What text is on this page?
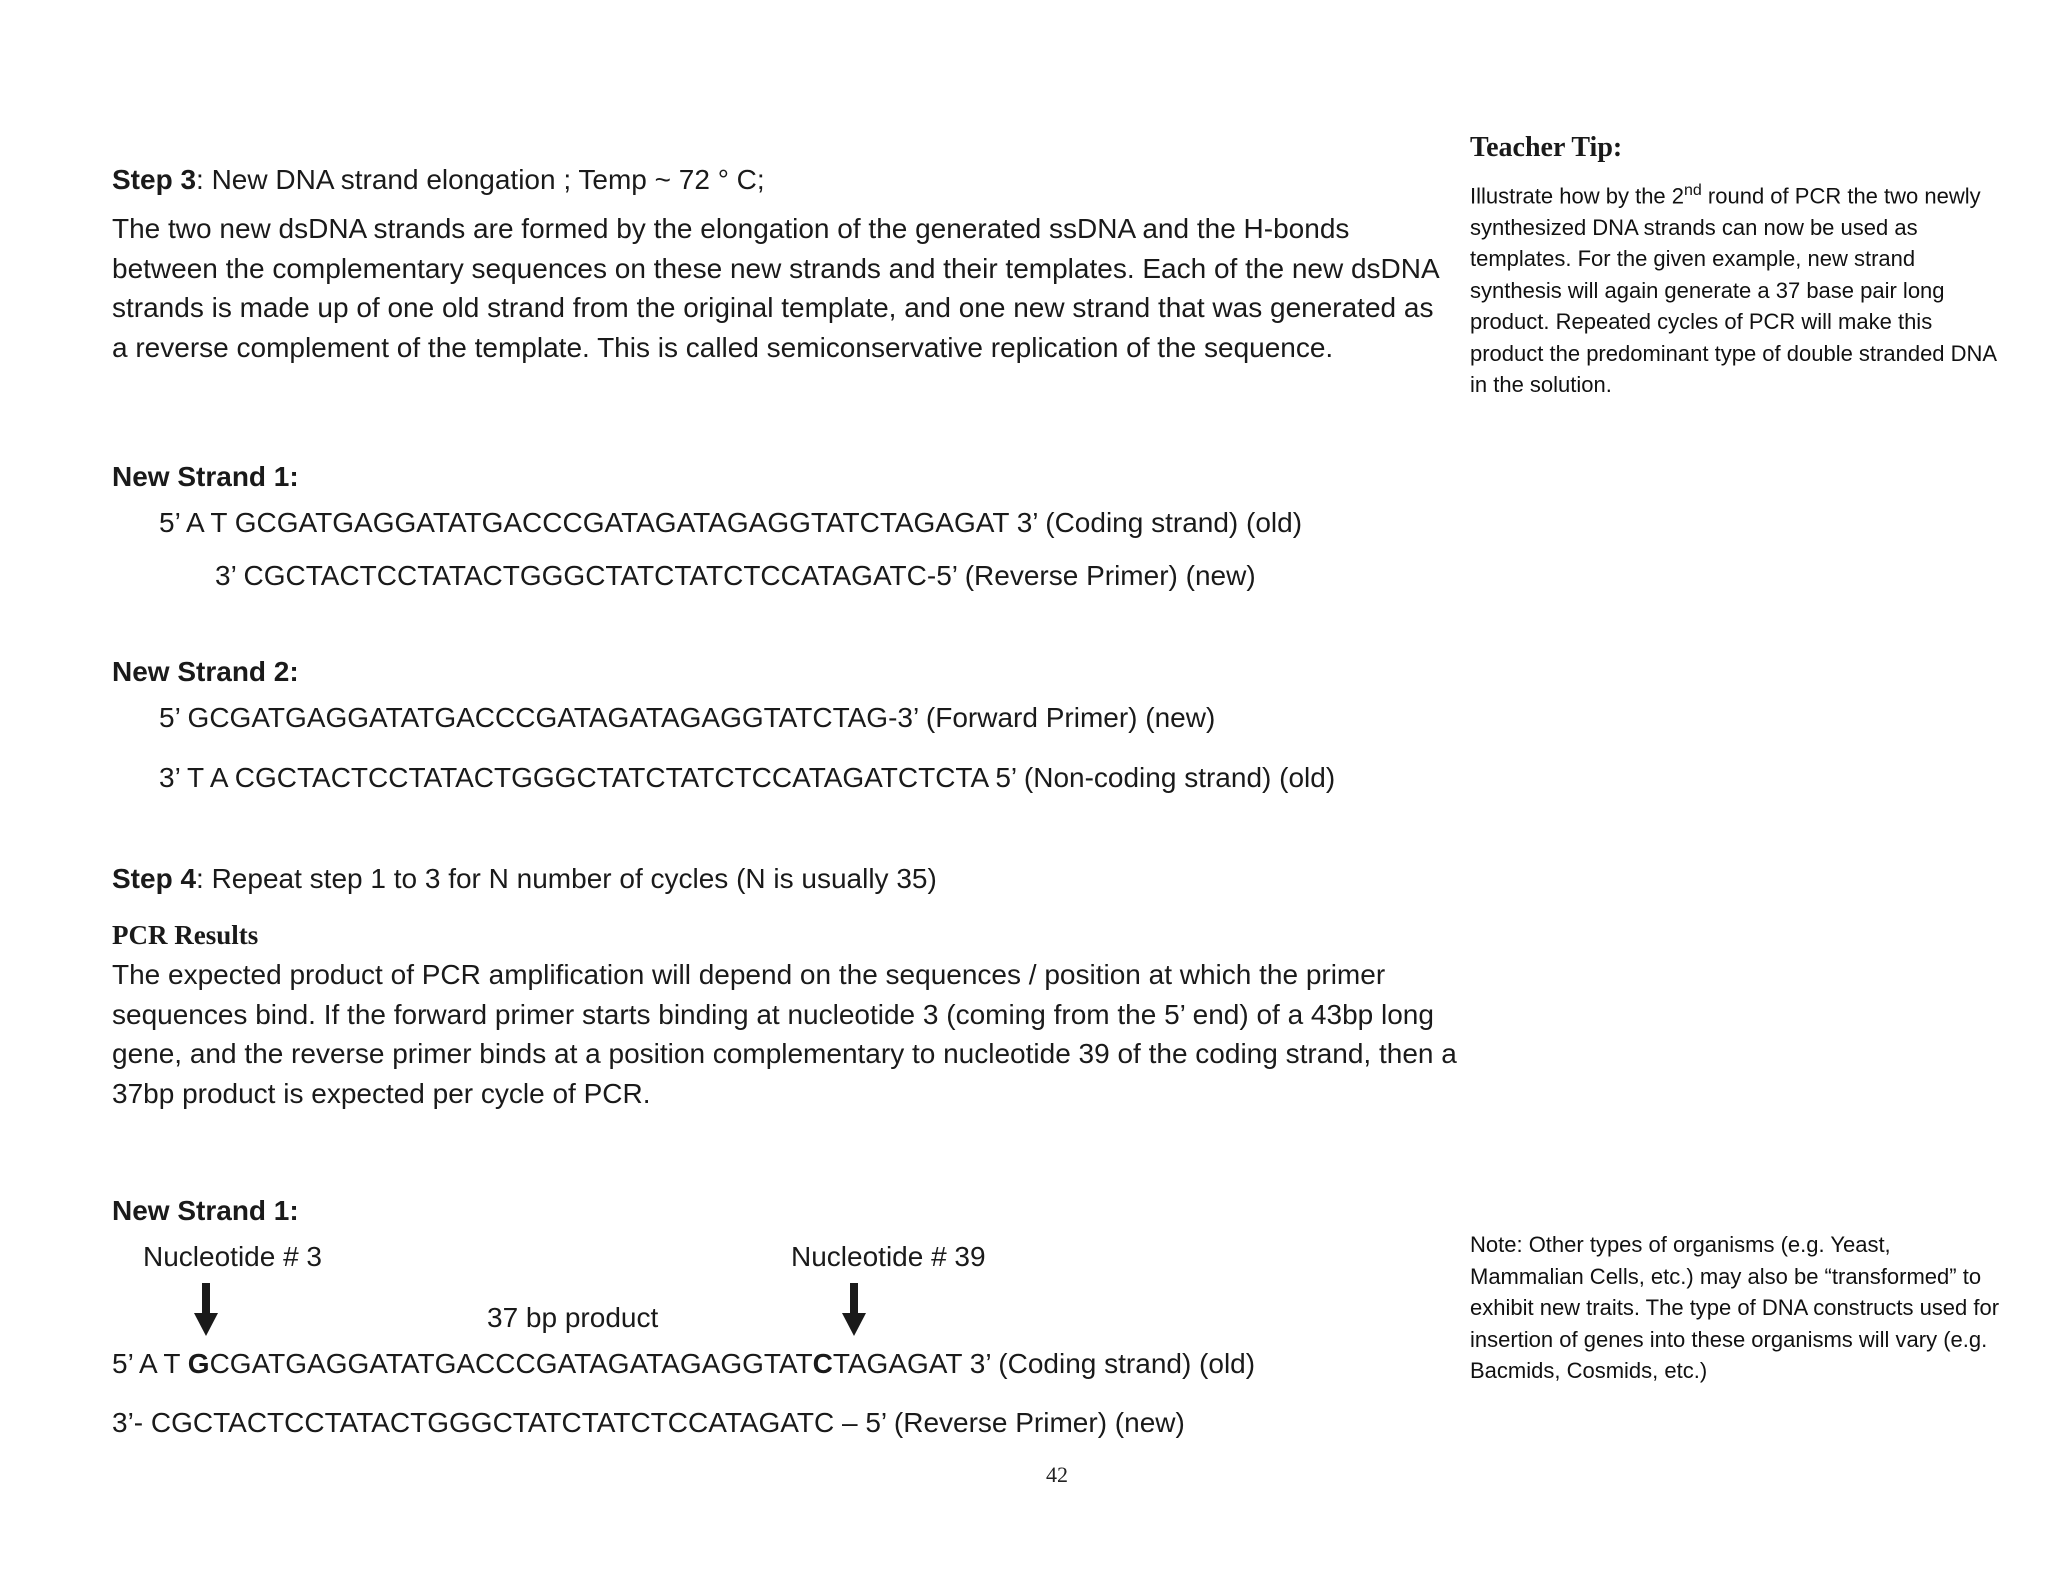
Teacher Tip:
Illustrate how by the 2nd round of PCR the two newly synthesized DNA strands can now be used as templates. For the given example, new strand synthesis will again generate a 37 base pair long product. Repeated cycles of PCR will make this product the predominant type of double stranded DNA in the solution.
Step 3: New DNA strand elongation ; Temp ~ 72 ° C;
The two new dsDNA strands are formed by the elongation of the generated ssDNA and the H-bonds between the complementary sequences on these new strands and their templates. Each of the new dsDNA strands is made up of one old strand from the original template, and one new strand that was generated as a reverse complement of the template. This is called semiconservative replication of the sequence.
New Strand 1:
5’ A T GCGATGAGGATATGACCCGATAGATAGAGGTATCTAGAGAT 3’ (Coding strand) (old)
3’ CGCTACTCCTATACTGGGCTATCTATCTCCATAGATC-5’ (Reverse Primer) (new)
New Strand 2:
5’ GCGATGAGGATATGACCCGATAGATAGAGGTATCTAG-3’ (Forward Primer) (new)
3’ T A CGCTACTCCTATACTGGGCTATCTATCTCCATAGATCTCTA 5’ (Non-coding strand) (old)
Step 4: Repeat step 1 to 3 for N number of cycles (N is usually 35)
PCR Results
The expected product of PCR amplification will depend on the sequences / position at which the primer sequences bind. If the forward primer starts binding at nucleotide 3 (coming from the 5’ end) of a 43bp long gene, and the reverse primer binds at a position complementary to nucleotide 39 of the coding strand, then a 37bp product is expected per cycle of PCR.
New Strand 1:
Nucleotide # 3	Nucleotide # 39
37 bp product
5’ A T GCGATGAGGATATGACCCGATAGATAGAGGTATCTAGAGAT 3’ (Coding strand) (old)
3’- CGCTACTCCTATACTGGGCTATCTATCTCCATAGATC – 5’ (Reverse Primer) (new)
Note: Other types of organisms (e.g. Yeast, Mammalian Cells, etc.) may also be “transformed” to exhibit new traits. The type of DNA constructs used for insertion of genes into these organisms will vary (e.g. Bacmids, Cosmids, etc.)
42
